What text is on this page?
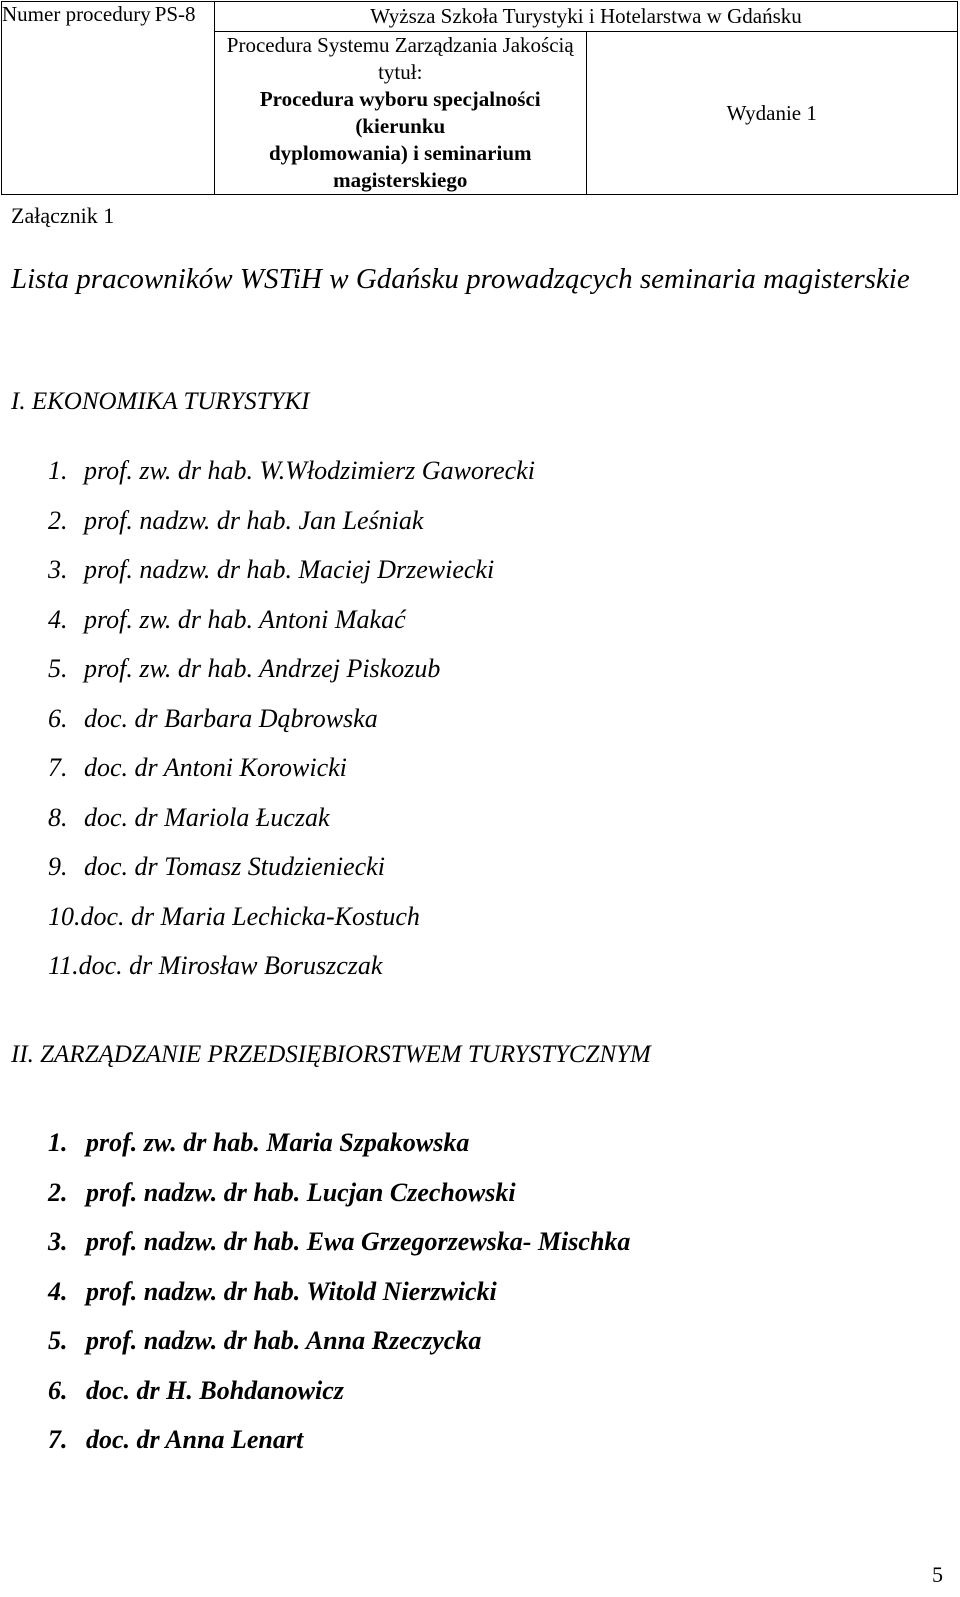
Numer procedury PS-8	Wyższa Szkoła Turystyki i Hotelarstwa w Gdańsku	

	Procedura Systemu Zarządzania Jakością
tytuł:
Procedura wyboru specjalności (kierunku
dyplomowania) i seminarium magisterskiego	Wydanie 1
Załącznik 1
Lista pracowników WSTiH w Gdańsku prowadzących seminaria magisterskie
I. EKONOMIKA TURYSTYKI
1. prof. zw. dr hab. W.Włodzimierz Gaworecki
2. prof. nadzw. dr hab. Jan Leśniak
3. prof. nadzw. dr hab. Maciej Drzewiecki
4. prof. zw. dr hab. Antoni Makać
5. prof. zw. dr hab. Andrzej Piskozub
6. doc. dr Barbara Dąbrowska
7. doc. dr Antoni Korowicki
8. doc. dr Mariola Łuczak
9. doc. dr Tomasz Studzieniecki
10.doc. dr Maria Lechicka-Kostuch
11.doc. dr Mirosław Boruszczak
II. ZARZĄDZANIE PRZEDSIĘBIORSTWEM TURYSTYCZNYM
1. prof. zw. dr hab. Maria Szpakowska
2. prof. nadzw. dr hab. Lucjan Czechowski
3. prof. nadzw. dr hab. Ewa Grzegorzewska- Mischka
4. prof. nadzw. dr hab. Witold Nierzwicki
5. prof. nadzw. dr hab. Anna Rzeczycka
6. doc. dr H. Bohdanowicz
7. doc. dr Anna Lenart
5
